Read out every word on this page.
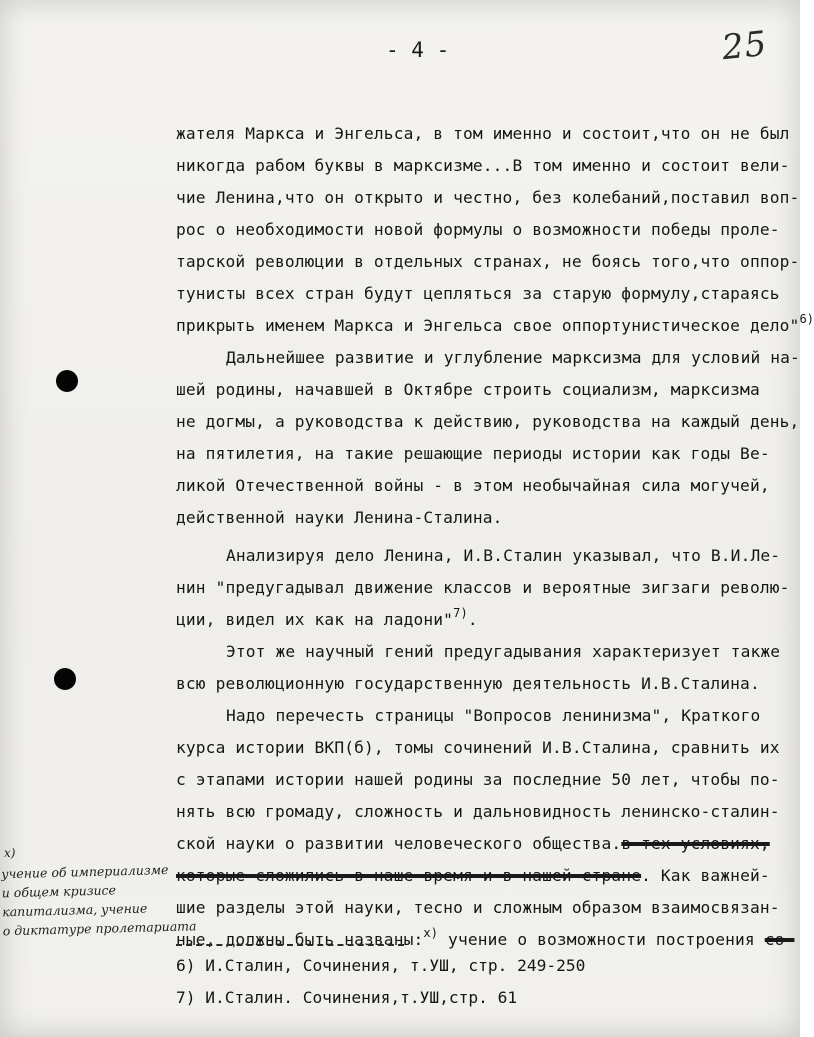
- 4 -	25
жателя Маркса и Энгельса, в том именно и состоит,что он не был
никогда рабом буквы в марксизме...В том именно и состоит вели-
чие Ленина,что он открыто и честно, без колебаний,поставил воп-
рос о необходимости новой формулы о возможности победы проле-
тарской революции в отдельных странах, не боясь того,что оппор-
тунисты всех стран будут цепляться за старую формулу,стараясь
прикрыть именем Маркса и Энгельса свое оппортунистическое дело"$^{6)}$
Дальнейшее развитие и углубление марксизма для условий на-
шей родины, начавшей в Октябре строить социализм, марксизма
не догмы, а руководства к действию, руководства на каждый день,
на пятилетия, на такие решающие периоды истории как годы Ве-
ликой Отечественной войны - в этом необычайная сила могучей,
действенной науки Ленина-Сталина.
Анализируя дело Ленина, И.В.Сталин указывал, что В.И.Ле-
нин "предугадывал движение классов и вероятные зигзаги револю-
ции, видел их как на ладони"$^{7)}$.
Этот же научный гений предугадывания характеризует также
всю революционную государственную деятельность И.В.Сталина.
Надо перечесть страницы "Вопросов ленинизма", Краткого
курса истории ВКП(б), томы сочинений И.В.Сталина, сравнить их
с этапами истории нашей родины за последние 50 лет, чтобы по-
нять всю громаду, сложность и дальновидность ленинско-сталин-
ской науки о развитии человеческого общества.в тех условиях,
которые сложились в наше время и в нашей стране. Как важней-
шие разделы этой науки, тесно и сложным образом взаимосвязан-
ные, должны быть названы:$^{x)}$ учение о возможности построения со-
6) И.Сталин, Сочинения, т.УШ, стр. 249-250
7) И.Сталин. Сочинения,т.УШ,стр. 61
x)
учение об империализме
и общем кризисе
капитализма, учение
о диктатуре пролетариата
